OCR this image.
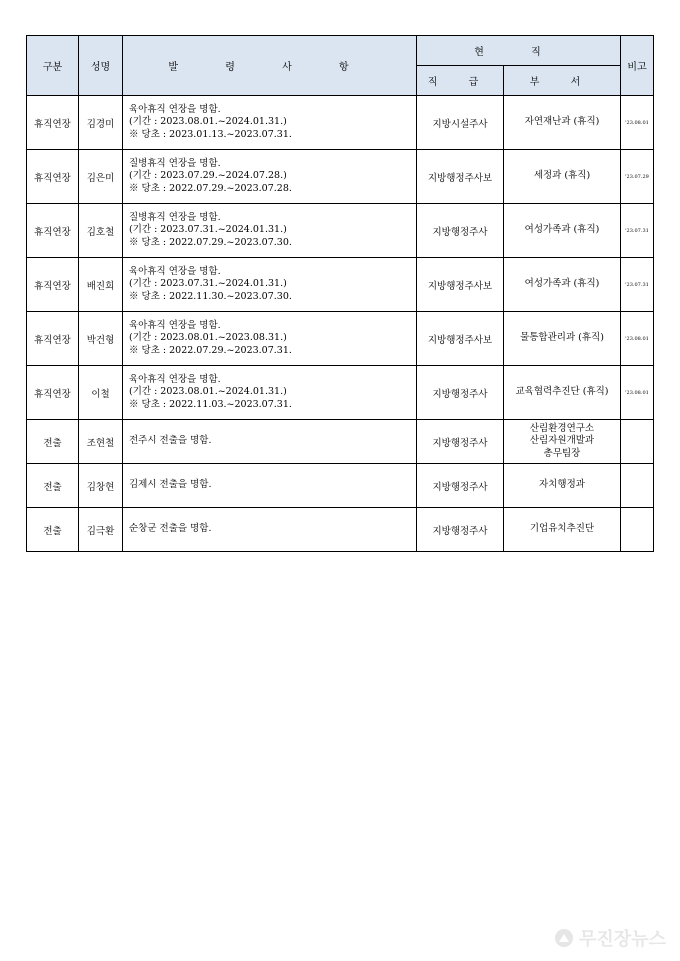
구분	성명	발 령 사 항	현 직		비고
			직 급	부 서	
휴직연장	김경미	육아휴직 연장을 명함.
(기간 : 2023.08.01.~2024.01.31.)
※ 당초 : 2023.01.13.~2023.07.31.	지방시설주사	자연재난과 (휴직)	'23.08.01
휴직연장	김은미	질병휴직 연장을 명함.
(기간 : 2023.07.29.~2024.07.28.)
※ 당초 : 2022.07.29.~2023.07.28.	지방행정주사보	세정과 (휴직)	'23.07.29
휴직연장	김호철	질병휴직 연장을 명함.
(기간 : 2023.07.31.~2024.01.31.)
※ 당초 : 2022.07.29.~2023.07.30.	지방행정주사	여성가족과 (휴직)	'23.07.31
휴직연장	배진희	육아휴직 연장을 명함.
(기간 : 2023.07.31.~2024.01.31.)
※ 당초 : 2022.11.30.~2023.07.30.	지방행정주사보	여성가족과 (휴직)	'23.07.31
휴직연장	박건형	육아휴직 연장을 명함.
(기간 : 2023.08.01.~2023.08.31.)
※ 당초 : 2022.07.29.~2023.07.31.	지방행정주사보	물통합관리과 (휴직)	'23.08.01
휴직연장	이철	육아휴직 연장을 명함.
(기간 : 2023.08.01.~2024.01.31.)
※ 당초 : 2022.11.03.~2023.07.31.	지방행정주사	교육협력추진단 (휴직)	'23.08.01
전출	조현철	전주시 전출을 명함.	지방행정주사	산림환경연구소
산림자원개발과
총무팀장	

전출	김창현	김제시 전출을 명함.	지방행정주사	자치행정과	

전출	김극환	순창군 전출을 명함.	지방행정주사	기업유치추진단	

무진장뉴스
